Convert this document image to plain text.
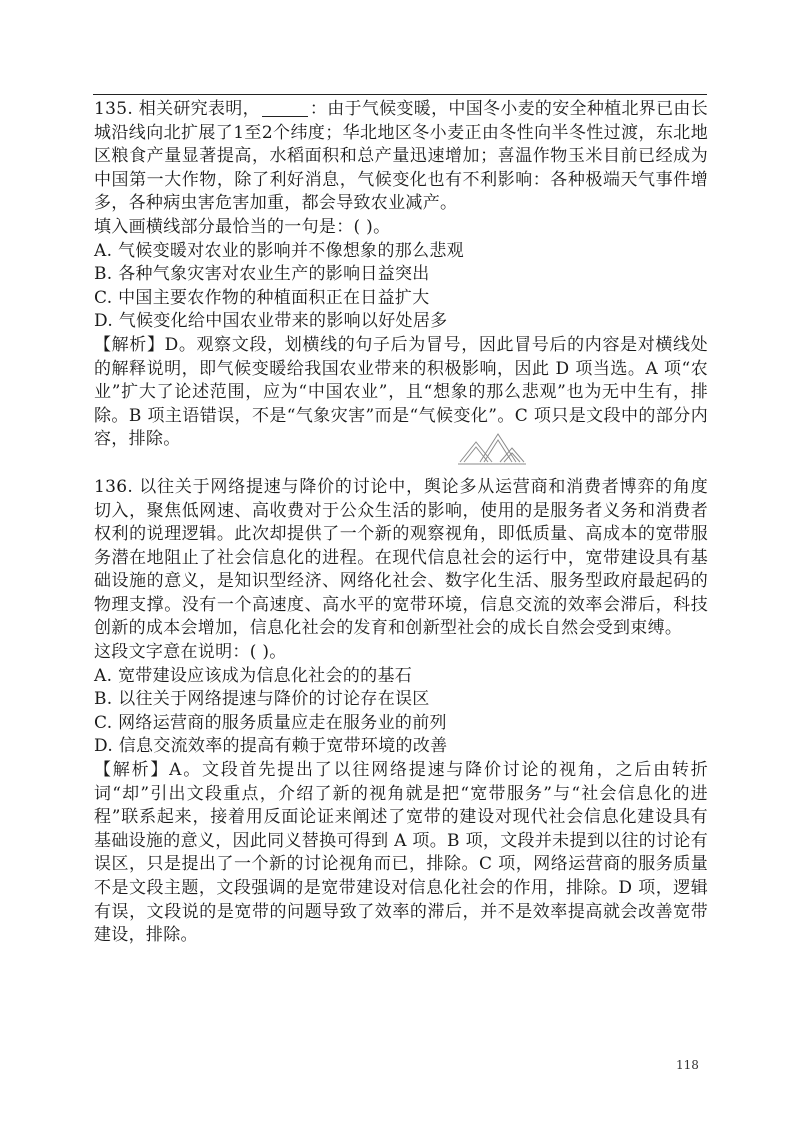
135. 相关研究表明，	：由于气候变暖，中国冬小麦的安全种植北界已由长城沿线向北扩展了1至2个纬度；华北地区冬小麦正由冬性向半冬性过渡，东北地区粮食产量显著提高，水稻面积和总产量迅速增加；喜温作物玉米目前已经成为中国第一大作物，除了利好消息，气候变化也有不利影响：各种极端天气事件增多，各种病虫害危害加重，都会导致农业减产。

填入画横线部分最恰当的一句是：( )。

A. 气候变暖对农业的影响并不像想象的那么悲观

B. 各种气象灾害对农业生产的影响日益突出

C. 中国主要农作物的种植面积正在日益扩大

D. 气候变化给中国农业带来的影响以好处居多

【解析】D。观察文段，划横线的句子后为冒号，因此冒号后的内容是对横线处的解释说明，即气候变暖给我国农业带来的积极影响，因此 D 项当选。A 项“农业”扩大了论述范围，应为“中国农业”，且“想象的那么悲观”也为无中生有，排除。B 项主语错误，不是“气象灾害”而是“气候变化”。C 项只是文段中的部分内容，排除。

136. 以往关于网络提速与降价的讨论中，舆论多从运营商和消费者博弈的角度切入，聚焦低网速、高收费对于公众生活的影响，使用的是服务者义务和消费者权利的说理逻辑。此次却提供了一个新的观察视角，即低质量、高成本的宽带服务潜在地阻止了社会信息化的进程。在现代信息社会的运行中，宽带建设具有基础设施的意义，是知识型经济、网络化社会、数字化生活、服务型政府最起码的物理支撑。没有一个高速度、高水平的宽带环境，信息交流的效率会滞后，科技创新的成本会增加，信息化社会的发育和创新型社会的成长自然会受到束缚。

这段文字意在说明：( )。

A. 宽带建设应该成为信息化社会的的基石

B. 以往关于网络提速与降价的讨论存在误区

C. 网络运营商的服务质量应走在服务业的前列

D. 信息交流效率的提高有赖于宽带环境的改善

【解析】A。文段首先提出了以往网络提速与降价讨论的视角，之后由转折词“却”引出文段重点，介绍了新的视角就是把“宽带服务”与“社会信息化的进程”联系起来，接着用反面论证来阐述了宽带的建设对现代社会信息化建设具有基础设施的意义，因此同义替换可得到 A 项。B 项，文段并未提到以往的讨论有误区，只是提出了一个新的讨论视角而已，排除。C 项，网络运营商的服务质量不是文段主题，文段强调的是宽带建设对信息化社会的作用，排除。D 项，逻辑有误，文段说的是宽带的问题导致了效率的滞后，并不是效率提高就会改善宽带建设，排除。

118
